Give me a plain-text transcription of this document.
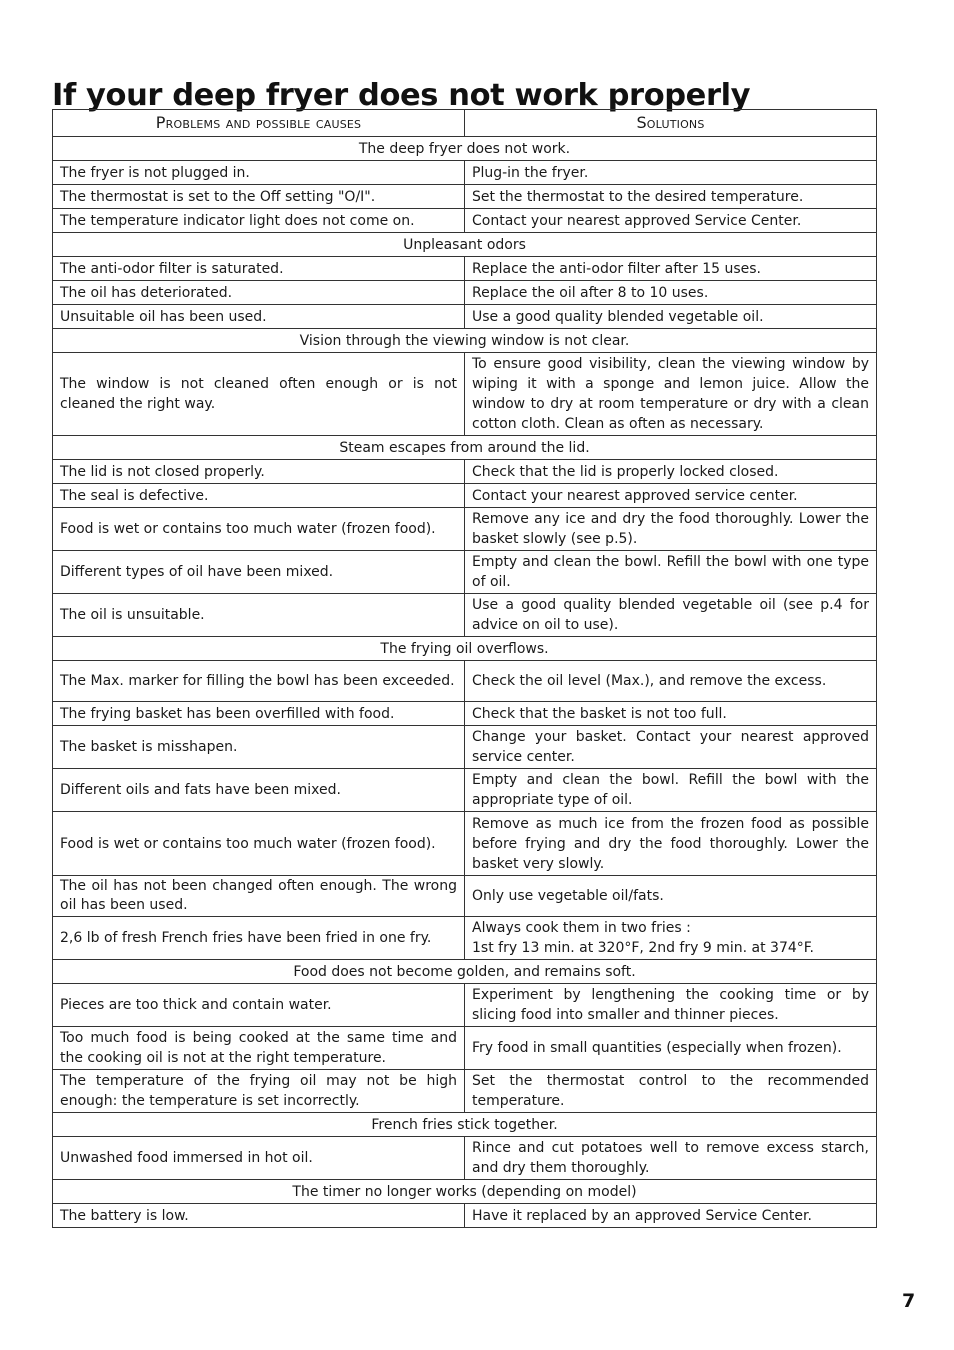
If your deep fryer does not work properly
Problems and possible causes	Solutions
The deep fryer does not work.	
The fryer is not plugged in.	Plug-in the fryer.
The thermostat is set to the Off setting "O/I".	Set the thermostat to the desired temperature.
The temperature indicator light does not come on.	Contact your nearest approved Service Center.
Unpleasant odors	
The anti-odor filter is saturated.	Replace the anti-odor filter after 15 uses.
The oil has deteriorated.	Replace the oil after 8 to 10 uses.
Unsuitable oil has been used.	Use a good quality blended vegetable oil.
Vision through the viewing window is not clear.	
The window is not cleaned often enough or is not cleaned the right way.	To ensure good visibility, clean the viewing window by wiping it with a sponge and lemon juice. Allow the window to dry at room temperature or dry with a clean cotton cloth. Clean as often as necessary.
Steam escapes from around the lid.	
The lid is not closed properly.	Check that the lid is properly locked closed.
The seal is defective.	Contact your nearest approved service center.
Food is wet or contains too much water (frozen food).	Remove any ice and dry the food thoroughly. Lower the basket slowly (see p.5).
Different types of oil have been mixed.	Empty and clean the bowl. Refill the bowl with one type of oil.
The oil is unsuitable.	Use a good quality blended vegetable oil (see p.4 for advice on oil to use).
The frying oil overflows.	
The Max. marker for filling the bowl has been exceeded.	Check the oil level (Max.), and remove the excess.
The frying basket has been overfilled with food.	Check that the basket is not too full.
The basket is misshapen.	Change your basket. Contact your nearest approved service center.
Different oils and fats have been mixed.	Empty and clean the bowl. Refill the bowl with the appropriate type of oil.
Food is wet or contains too much water (frozen food).	Remove as much ice from the frozen food as possible before frying and dry the food thoroughly. Lower the basket very slowly.
The oil has not been changed often enough. The wrong oil has been used.	Only use vegetable oil/fats.
2,6 lb of fresh French fries have been fried in one fry.	Always cook them in two fries :
1st fry 13 min. at 320°F, 2nd fry 9 min. at 374°F.

Food does not become golden, and remains soft.	
Pieces are too thick and contain water.	Experiment by lengthening the cooking time or by slicing food into smaller and thinner pieces.
Too much food is being cooked at the same time and the cooking oil is not at the right temperature.	Fry food in small quantities (especially when frozen).
The temperature of the frying oil may not be high enough: the temperature is set incorrectly.	Set the thermostat control to the recommended temperature.
French fries stick together.	
Unwashed food immersed in hot oil.	Rince and cut potatoes well to remove excess starch, and dry them thoroughly.
The timer no longer works (depending on model)	
The battery is low.	Have it replaced by an approved Service Center.
7
